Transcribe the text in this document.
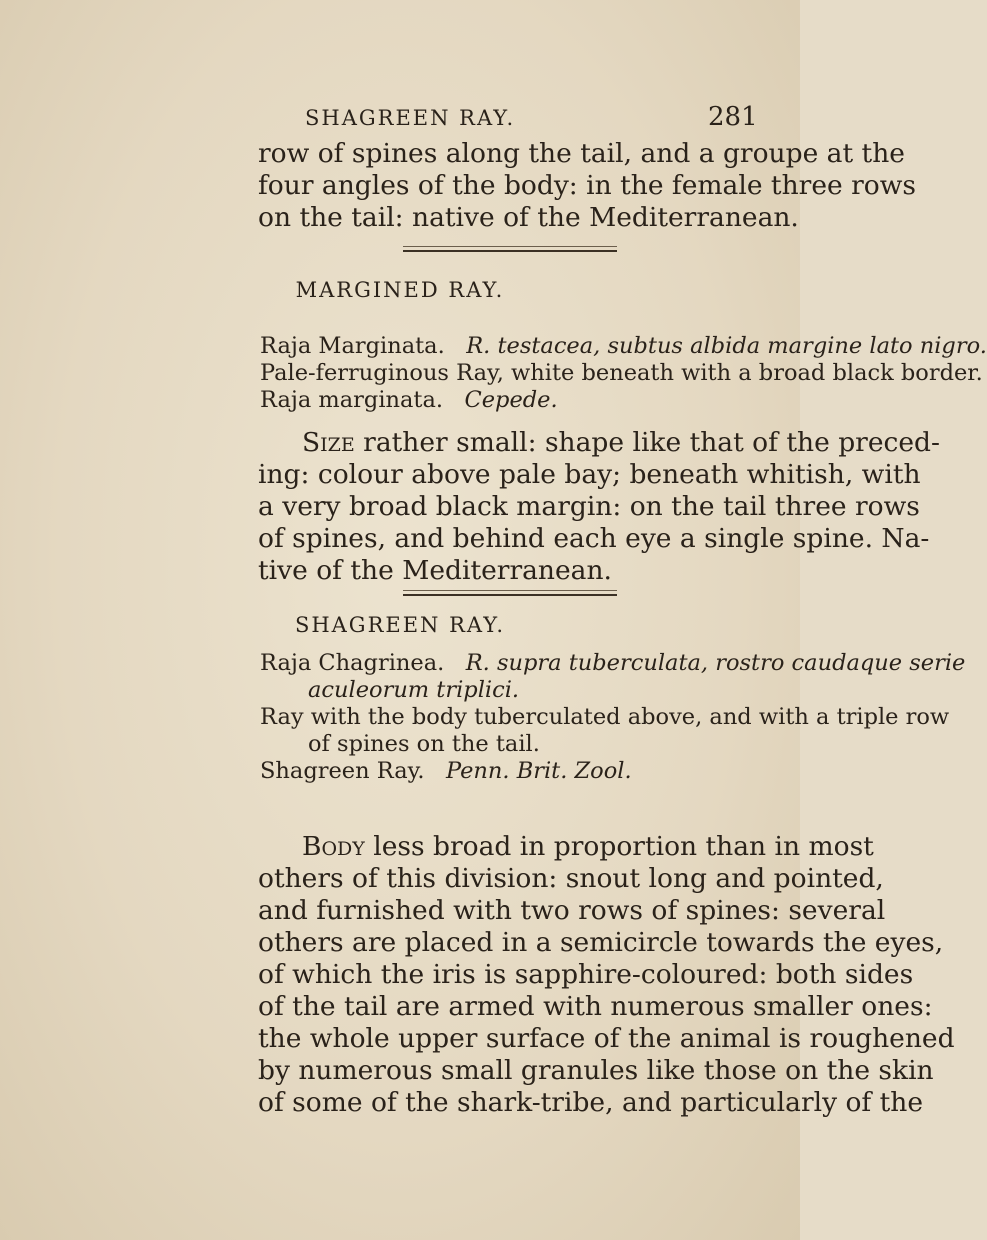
SHAGREEN RAY.	281
row of spines along the tail, and a groupe at the
four angles of the body: in the female three rows
on the tail: native of the Mediterranean.
MARGINED RAY.
Raja Marginata. R. testacea, subtus albida margine lato nigro.
Pale-ferruginous Ray, white beneath with a broad black border.
Raja marginata. Cepede.
Size rather small: shape like that of the preced-
ing: colour above pale bay; beneath whitish, with
a very broad black margin: on the tail three rows
of spines, and behind each eye a single spine. Na-
tive of the Mediterranean.
SHAGREEN RAY.
Raja Chagrinea. R. supra tuberculata, rostro caudaque serie
aculeorum triplici.
Ray with the body tuberculated above, and with a triple row
of spines on the tail.
Shagreen Ray. Penn. Brit. Zool.
Body less broad in proportion than in most
others of this division: snout long and pointed,
and furnished with two rows of spines: several
others are placed in a semicircle towards the eyes,
of which the iris is sapphire-coloured: both sides
of the tail are armed with numerous smaller ones:
the whole upper surface of the animal is roughened
by numerous small granules like those on the skin
of some of the shark-tribe, and particularly of the
